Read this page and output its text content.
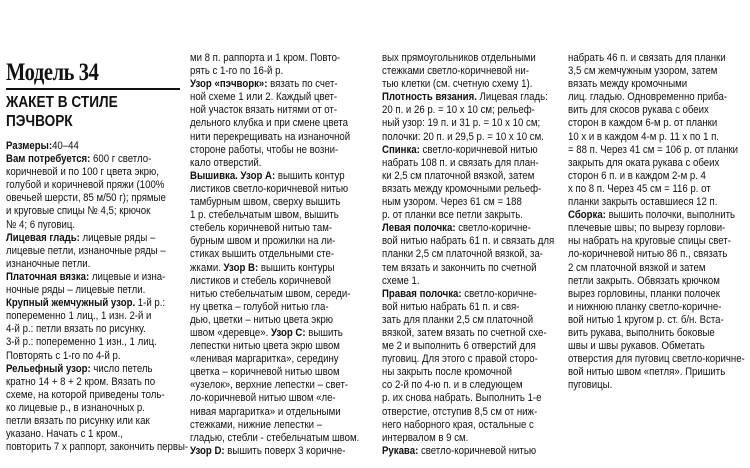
Модель 34
ЖАКЕТ В СТИЛЕ
ПЭЧВОРК
Размеры:40–44
Вам потребуется: 600 г светло-
коричневой и по 100 г цвета экрю,
голубой и коричневой пряжи (100%
овечьей шерсти, 85 м/50 г); прямые
и круговые спицы № 4,5; крючок
№ 4; 6 пуговиц.
Лицевая гладь: лицевые ряды –
лицевые петли, изнаночные ряды –
изнаночные петли.
Платочная вязка: лицевые и изна-
ночные ряды – лицевые петли.
Крупный жемчужный узор. 1-й р.:
попеременно 1 лиц., 1 изн. 2-й и
4-й р.: петли вязать по рисунку.
3-й р.: попеременно 1 изн., 1 лиц.
Повторять с 1-го по 4-й р.
Рельефный узор: число петель
кратно 14 + 8 + 2 кром. Вязать по
схеме, на которой приведены толь-
ко лицевые р., в изнаночных р.
петли вязать по рисунку или как
указано. Начать с 1 кром.,
повторить 7 х раппорт, закончить первы-
ми 8 п. раппорта и 1 кром. Повто-
рять с 1-го по 16-й р.
Узор «пэчворк»: вязать по счет-
ной схеме 1 или 2. Каждый цвет-
ной участок вязать нитями от от-
дельного клубка и при смене цвета
нити перекрещивать на изнаночной
стороне работы, чтобы не возни-
кало отверстий.
Вышивка. Узор А: вышить контур
листиков светло-коричневой нитью
тамбурным швом, сверху вышить
1 р. стебельчатым швом, вышить
стебель коричневой нитью там-
бурным швом и прожилки на ли-
стиках вышить отдельными сте-
жками. Узор В: вышить контуры
листиков и стебель коричневой
нитью стебельчатым швом, середи-
ну цветка – голубой нитью гла-
дью, цветки – нитью цвета экрю
швом «деревце». Узор С: вышить
лепестки нитью цвета экрю швом
«ленивая маргаритка», середину
цветка – коричневой нитью швом
«узелок», верхние лепестки – свет-
ло-коричневой нитью швом «ле-
нивая маргаритка» и отдельными
стежками, нижние лепестки –
гладью, стебли - стебельчатым швом.
Узор D: вышить поверх 3 коричне-
вых прямоугольников отдельными
стежками светло-коричневой ни-
тью клетки (см. счетную схему 1).
Плотность вязания. Лицевая гладь:
20 п. и 26 р. = 10 х 10 см; рельеф-
ный узор: 19 п. и 31 р. = 10 х 10 см;
полочки: 20 п. и 29,5 р. = 10 х 10 см.
Спинка: светло-коричневой нитью
набрать 108 п. и связать для план-
ки 2,5 см платочной вязкой, затем
вязать между кромочными рельеф-
ным узором. Через 61 см = 188
р. от планки все петли закрыть.
Левая полочка: светло-коричне-
вой нитью набрать 61 п. и связать для
планки 2,5 см платочной вязкой, за-
тем вязать и закончить по счетной
схеме 1.
Правая полочка: светло-коричне-
вой нитью набрать 61 п. и свя-
зать для планки 2,5 см платочной
вязкой, затем вязать по счетной схе-
ме 2 и выполнить 6 отверстий для
пуговиц. Для этого с правой сторо-
ны закрыть после кромочной
со 2-й по 4-ю п. и в следующем
р. их снова набрать. Выполнить 1-е
отверстие, отступив 8,5 см от ниж-
него наборного края, остальные с
интервалом в 9 см.
Рукава: светло-коричневой нитью
набрать 46 п. и связать для планки
3,5 см жемчужным узором, затем
вязать между кромочными
лиц. гладью. Одновременно приба-
вить для скосов рукава с обеих
сторон в каждом 6-м р. от планки
10 х и в каждом 4-м р. 11 х по 1 п.
= 88 п. Через 41 см = 106 р. от планки
закрыть для оката рукава с обеих
сторон 6 п. и в каждом 2-м р. 4
х по 8 п. Через 45 см = 116 р. от
планки закрыть оставшиеся 12 п.
Сборка: вышить полочки, выполнить
плечевые швы; по вырезу горлови-
ны набрать на круговые спицы свет-
ло-коричневой нитью 86 п., связать
2 см платочной вязкой и затем
петли закрыть. Обвязать крючком
вырез горловины, планки полочек
и нижнюю планку светло-коричне-
вой нитью 1 кругом р. ст. б/н. Вста-
вить рукава, выполнить боковые
швы и швы рукавов. Обметать
отверстия для пуговиц светло-коричне-
вой нитью швом «петля». Пришить
пуговицы.
